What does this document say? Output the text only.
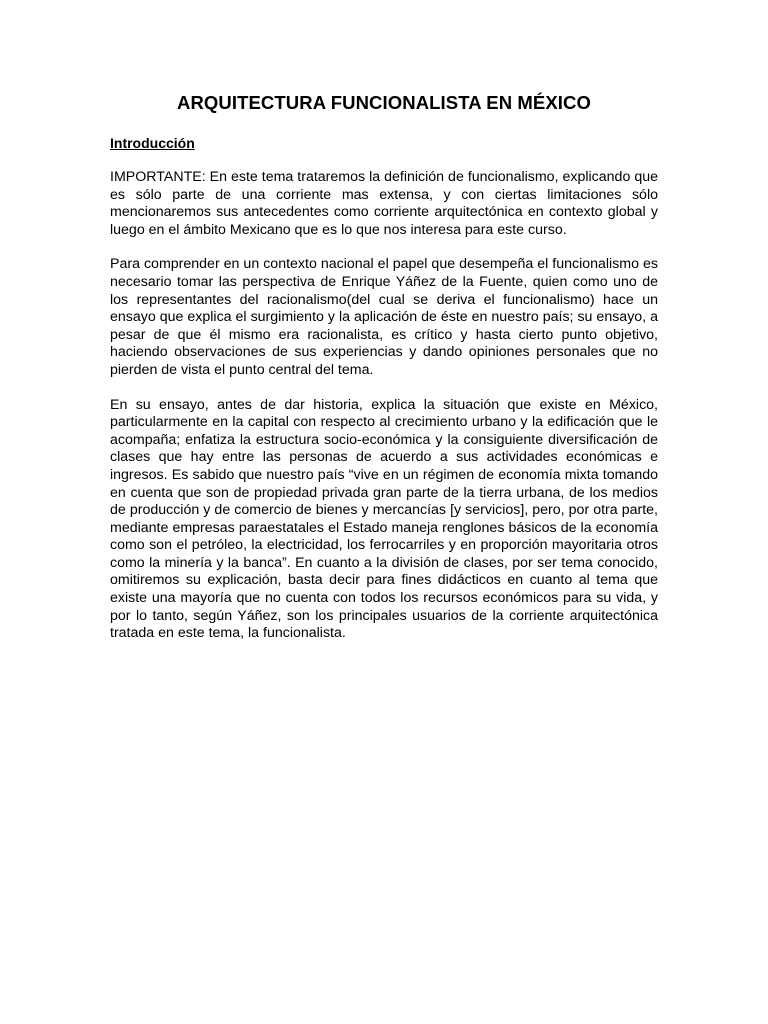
ARQUITECTURA FUNCIONALISTA EN MÉXICO
Introducción

IMPORTANTE: En este tema trataremos la definición de funcionalismo, explicando que es sólo parte de una corriente mas extensa, y con ciertas limitaciones sólo mencionaremos sus antecedentes como corriente arquitectónica en contexto global y luego en el ámbito Mexicano que es lo que nos interesa para este curso.

Para comprender en un contexto nacional el papel que desempeña el funcionalismo es necesario tomar las perspectiva de Enrique Yáñez de la Fuente, quien como uno de los representantes del racionalismo(del cual se deriva el funcionalismo) hace un ensayo que explica el surgimiento y la aplicación de éste en nuestro país; su ensayo, a pesar de que él mismo era racionalista, es crítico y hasta cierto punto objetivo, haciendo observaciones de sus experiencias y dando opiniones personales que no pierden de vista el punto central del tema.

En su ensayo, antes de dar historia, explica la situación que existe en México, particularmente en la capital con respecto al crecimiento urbano y la edificación que le acompaña; enfatiza la estructura socio-económica y la consiguiente diversificación de clases que hay entre las personas de acuerdo a sus actividades económicas e ingresos. Es sabido que nuestro país “vive en un régimen de economía mixta tomando en cuenta que son de propiedad privada gran parte de la tierra urbana, de los medios de producción y de comercio de bienes y mercancías [y servicios], pero, por otra parte, mediante empresas paraestatales el Estado maneja renglones básicos de la economía como son el petróleo, la electricidad, los ferrocarriles y en proporción mayoritaria otros como la minería y la banca”. En cuanto a la división de clases, por ser tema conocido, omitiremos su explicación, basta decir para fines didácticos en cuanto al tema que existe una mayoría que no cuenta con todos los recursos económicos para su vida, y por lo tanto, según Yáñez, son los principales usuarios de la corriente arquitectónica tratada en este tema, la funcionalista.
